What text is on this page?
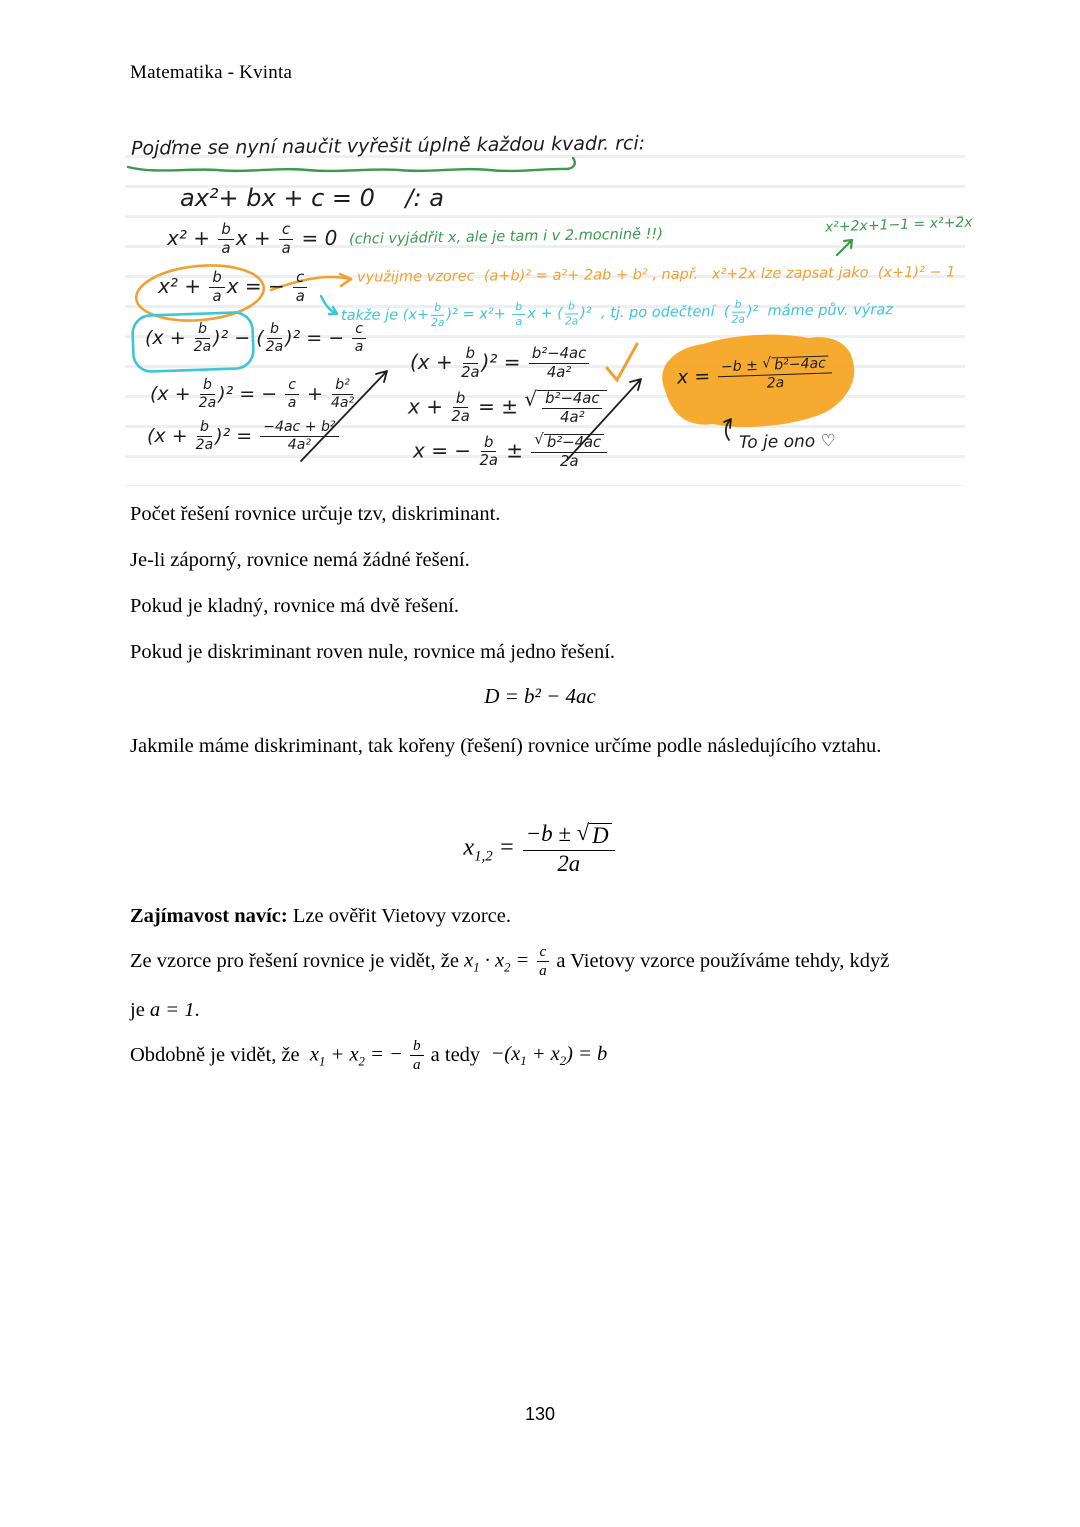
Matematika - Kvinta
Pojďme se nyní naučit vyřešit úplně každou kvadr. rci:
ax²+ bx + c = 0    /: a
$x^2 + \frac{b}{a}$ $x + \frac{c}{a} = 0$ (chci vyjádřit x, ale je tam i v 2.mocnině !!)
x²+2x+1−1 = x²+2x
$x^2 + \frac{b}{a}$ x = − $\frac{c}{a}$	využijme vzorec  (a+b)² = a²+ 2ab + b² , např.   x²+2x lze zapsat jako  (x+1)² − 1
takže je $(x+ \frac{b}{2a} )^2 = x^2+ \frac{b}{a}$ x + ( $\frac{b}{2a} )^2$  , tj. po odečtení  ( $\frac{b}{2a} )^2$  máme pův. výraz
$(x + \frac{b}{2a} )^2$ − ( $\frac{b}{2a} )^2$ = − $\frac{c}{a}$
$(x + \frac{b}{2a} )^2$ = − $\frac{c}{a} + \frac{\text{b²}}{\text{4a²}}$
$(x + \frac{b}{2a} )^2 = \frac{\text{−4ac + b²}}{\text{4a²}}$
$(x + \frac{b}{2a} )^2 = \frac{\text{b²−4ac}}{\text{4a²}}$
$x + \frac{b}{2a}$ = ± √ $\frac{\text{b²−4ac}}{\text{4a²}}$
x = − $\frac{b}{2a} \pm \frac{\text{√ b²−4ac}}{2a}$
$x = \frac{\text{−b ± √ b²−4ac}}{2a}$
To je ono ♡
Počet řešení rovnice určuje tzv, diskriminant.
Je-li záporný, rovnice nemá žádné řešení.
Pokud je kladný, rovnice má dvě řešení.
Pokud je diskriminant roven nule, rovnice má jedno řešení.
D = b² − 4ac
Jakmile máme diskriminant, tak kořeny (řešení) rovnice určíme podle následujícího vztahu.
$x_{1,2} = \frac{-b \pm √ D}{2a}$
Zajímavost navíc: Lze ověřit Vietovy vzorce.
Ze vzorce pro řešení rovnice je vidět, že $x_1 \cdot x_2 = \frac{c}{a}$ a Vietovy vzorce používáme tehdy, když
je a = 1.
Obdobně je vidět, že $x_1 + x_2$ = − $\frac{b}{a}$ a tedy $-(x_1 + x_2) = b$
130
